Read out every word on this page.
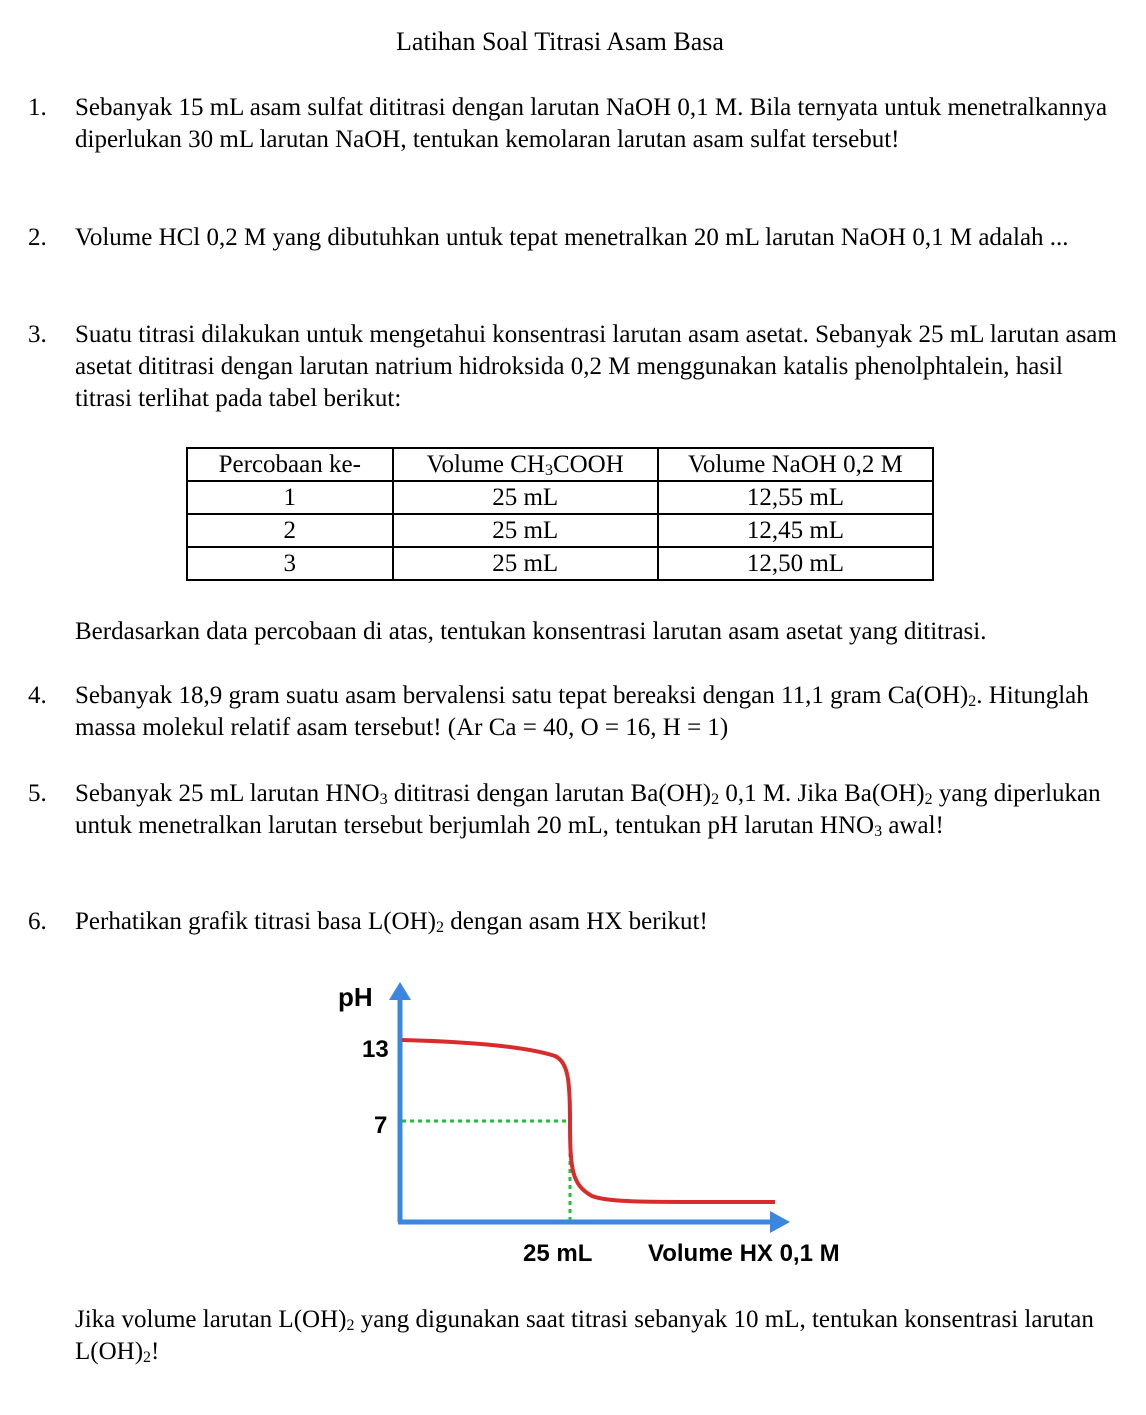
Latihan Soal Titrasi Asam Basa
1. Sebanyak 15 mL asam sulfat dititrasi dengan larutan NaOH 0,1 M. Bila ternyata untuk menetralkannya diperlukan 30 mL larutan NaOH, tentukan kemolaran larutan asam sulfat tersebut!
2. Volume HCl 0,2 M yang dibutuhkan untuk tepat menetralkan 20 mL larutan NaOH 0,1 M adalah ...
3. Suatu titrasi dilakukan untuk mengetahui konsentrasi larutan asam asetat. Sebanyak 25 mL larutan asam asetat dititrasi dengan larutan natrium hidroksida 0,2 M menggunakan katalis phenolphtalein, hasil titrasi terlihat pada tabel berikut:
Percobaan ke-	Volume $CH_3COOH$	Volume NaOH 0,2 M
1	25 mL	12,55 mL
2	25 mL	12,45 mL
3	25 mL	12,50 mL
Berdasarkan data percobaan di atas, tentukan konsentrasi larutan asam asetat yang dititrasi.
4. Sebanyak 18,9 gram suatu asam bervalensi satu tepat bereaksi dengan 11,1 gram $Ca(OH)_2$. Hitunglah massa molekul relatif asam tersebut! (Ar Ca = 40, O = 16, H = 1)
5. Sebanyak 25 mL larutan $HNO_3$ dititrasi dengan larutan $Ba(OH)_2$ 0,1 M. Jika $Ba(OH)_2$ yang diperlukan untuk menetralkan larutan tersebut berjumlah 20 mL, tentukan pH larutan $HNO_3$ awal!
6. Perhatikan grafik titrasi basa $L(OH)_2$ dengan asam HX berikut!
pH
13
7
25 mL Volume HX 0,1 M
Jika volume larutan $L(OH)_2$ yang digunakan saat titrasi sebanyak 10 mL, tentukan konsentrasi larutan $L(OH)_2$!
